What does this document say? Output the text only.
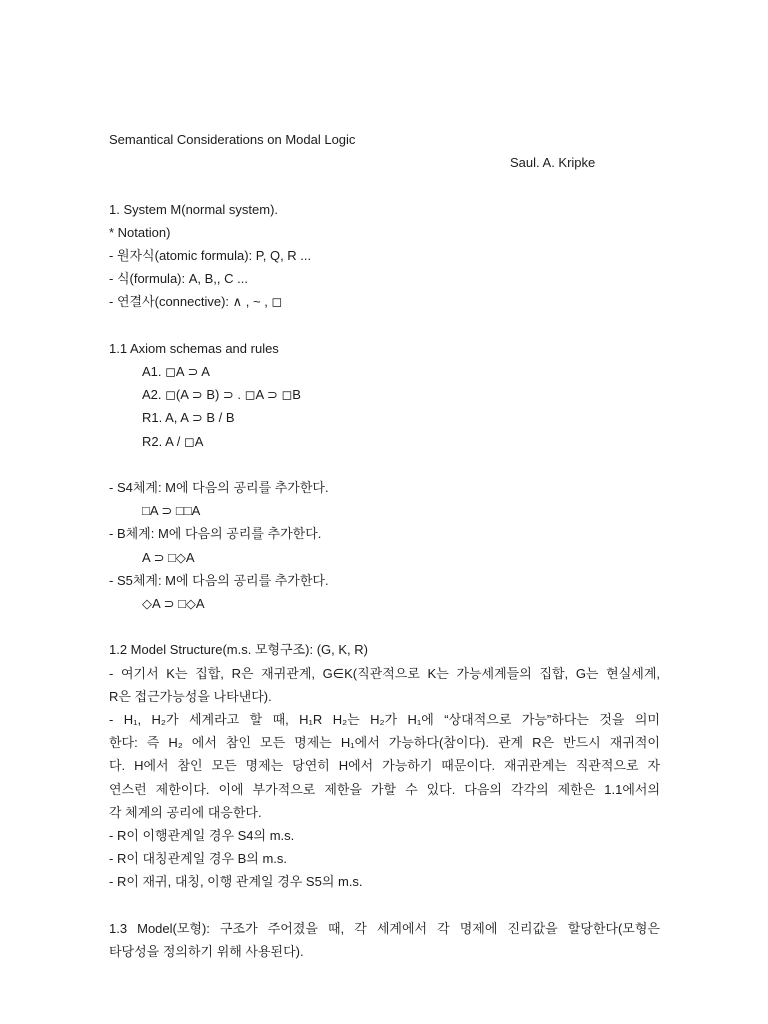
Semantical Considerations on Modal Logic
Saul. A. Kripke
1. System M(normal system).
* Notation)
- 원자식(atomic formula): P, Q, R ...
- 식(formula): A, B,, C ...
- 연결사(connective): ∧ , ~ , ◻
1.1 Axiom schemas and rules
A1. ◻A ⊃ A
A2. ◻(A ⊃ B) ⊃ . ◻A ⊃ ◻B
R1. A, A ⊃ B / B
R2. A / ◻A
- S4체계: M에 다음의 공리를 추가한다.
□A ⊃ □□A
- B체계: M에 다음의 공리를 추가한다.
A ⊃ □◇A
- S5체계: M에 다음의 공리를 추가한다.
◇A ⊃ □◇A
1.2 Model Structure(m.s. 모형구조): (G, K, R)
- 여기서 K는 집합, R은 재귀관계, G∈K(직관적으로 K는 가능세계들의 집합, G는 현실세계,
R은 접근가능성을 나타낸다).
- H₁, H₂가 세계라고 할 때, H₁R H₂는 H₂가 H₁에 “상대적으로 가능”하다는 것을 의미
한다: 즉 H₂ 에서 참인 모든 명제는 H₁에서 가능하다(참이다). 관계 R은 반드시 재귀적이
다. H에서 참인 모든 명제는 당연히 H에서 가능하기 때문이다. 재귀관계는 직관적으로 자
연스런 제한이다. 이에 부가적으로 제한을 가할 수 있다. 다음의 각각의 제한은 1.1에서의
각 체계의 공리에 대응한다.
- R이 이행관계일 경우 S4의 m.s.
- R이 대칭관계일 경우 B의 m.s.
- R이 재귀, 대칭, 이행 관계일 경우 S5의 m.s.
1.3 Model(모형): 구조가 주어졌을 때, 각 세계에서 각 명제에 진리값을 할당한다(모형은
타당성을 정의하기 위해 사용된다).
